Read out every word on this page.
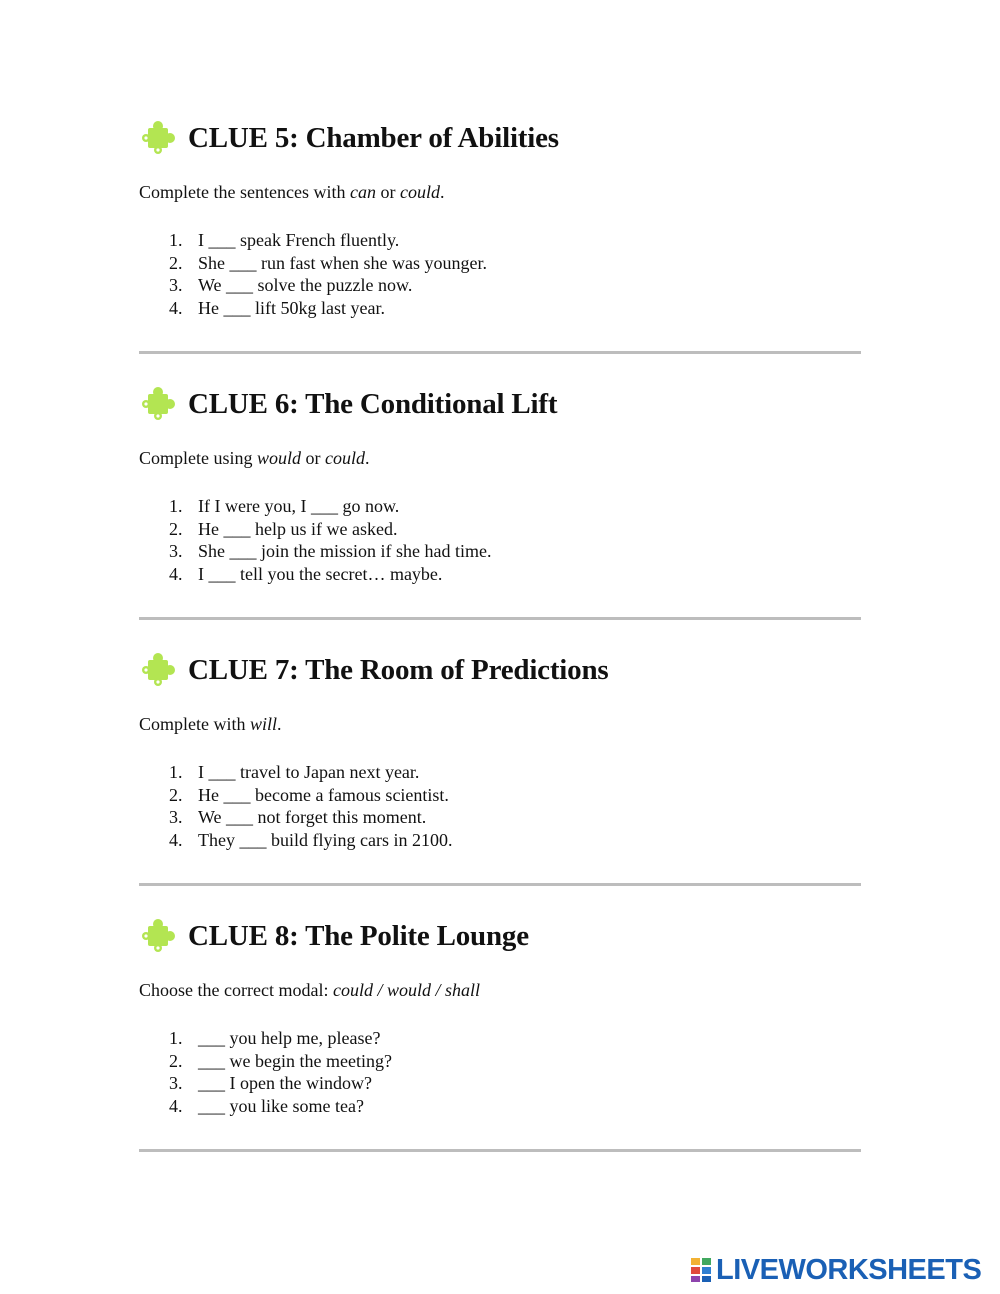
CLUE 5: Chamber of Abilities
Complete the sentences with can or could.
1. I ___ speak French fluently.
2. She ___ run fast when she was younger.
3. We ___ solve the puzzle now.
4. He ___ lift 50kg last year.
CLUE 6: The Conditional Lift
Complete using would or could.
1. If I were you, I ___ go now.
2. He ___ help us if we asked.
3. She ___ join the mission if she had time.
4. I ___ tell you the secret… maybe.
CLUE 7: The Room of Predictions
Complete with will.
1. I ___ travel to Japan next year.
2. He ___ become a famous scientist.
3. We ___ not forget this moment.
4. They ___ build flying cars in 2100.
CLUE 8: The Polite Lounge
Choose the correct modal: could / would / shall
1. ___ you help me, please?
2. ___ we begin the meeting?
3. ___ I open the window?
4. ___ you like some tea?
LIVEWORKSHEETS
